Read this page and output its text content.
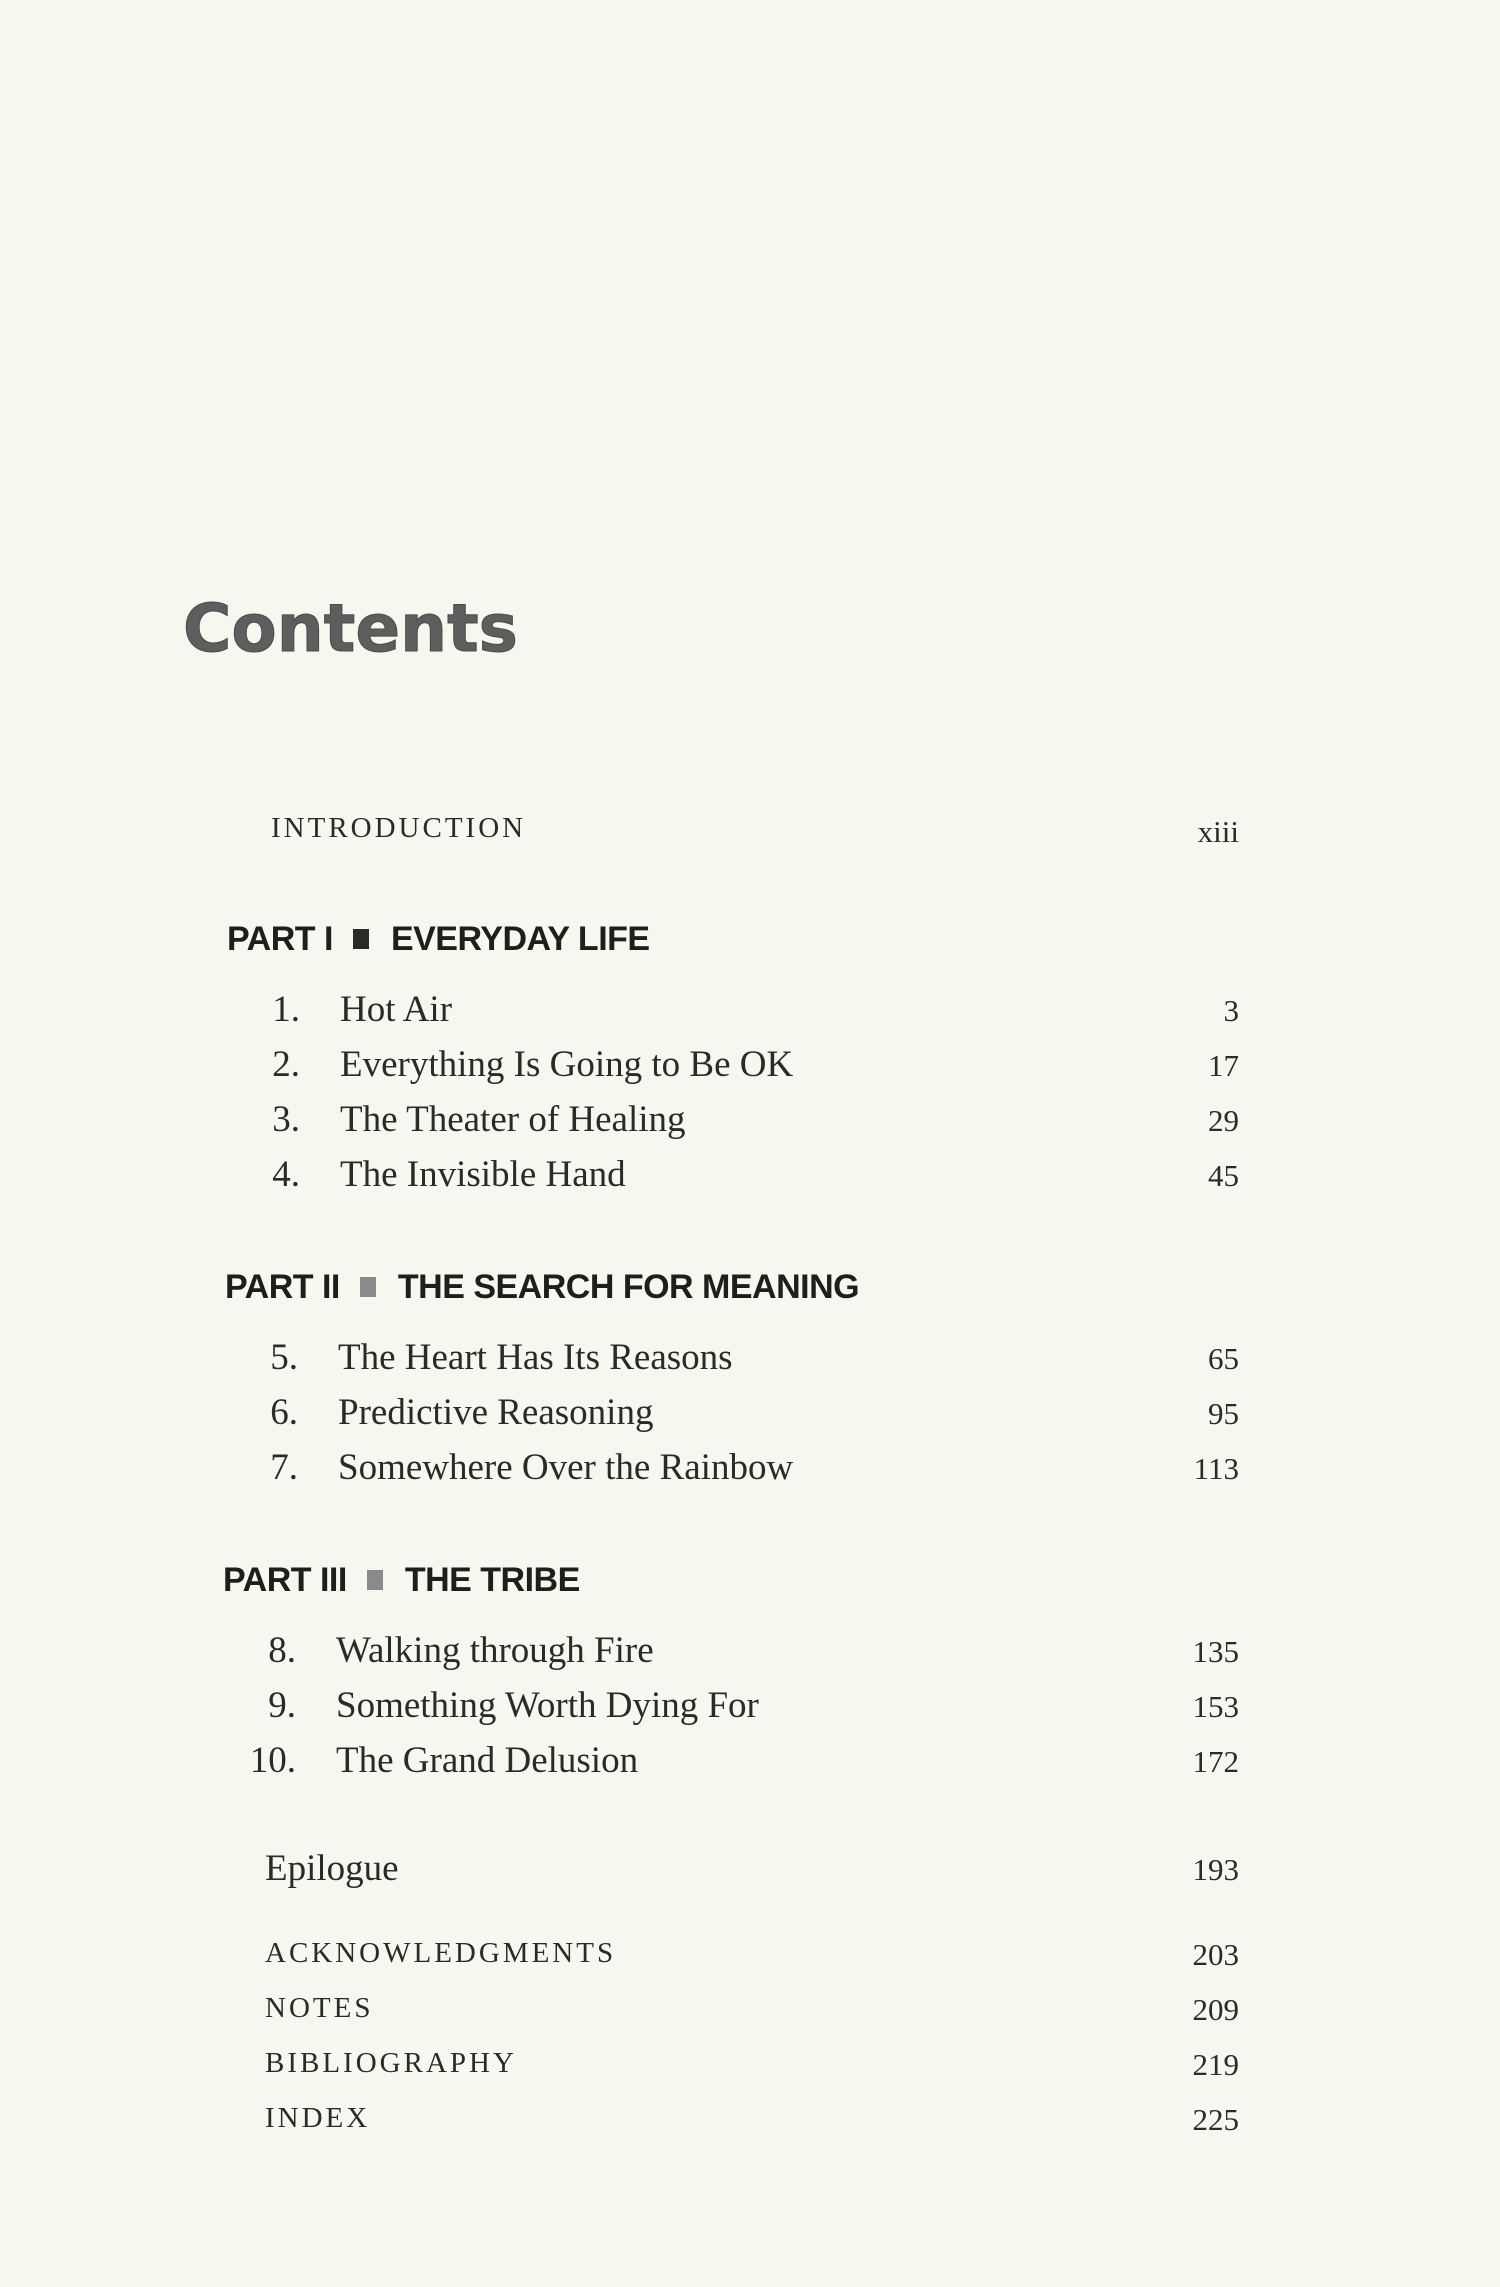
Contents
INTRODUCTION	xiii
PART I EVERYDAY LIFE
1. Hot Air	3
2. Everything Is Going to Be OK	17
3. The Theater of Healing	29
4. The Invisible Hand	45
PART II THE SEARCH FOR MEANING
5. The Heart Has Its Reasons	65
6. Predictive Reasoning	95
7. Somewhere Over the Rainbow	113
PART III THE TRIBE
8. Walking through Fire	135
9. Something Worth Dying For	153
10. The Grand Delusion	172
Epilogue	193
ACKNOWLEDGMENTS	203
NOTES	209
BIBLIOGRAPHY	219
INDEX	225
